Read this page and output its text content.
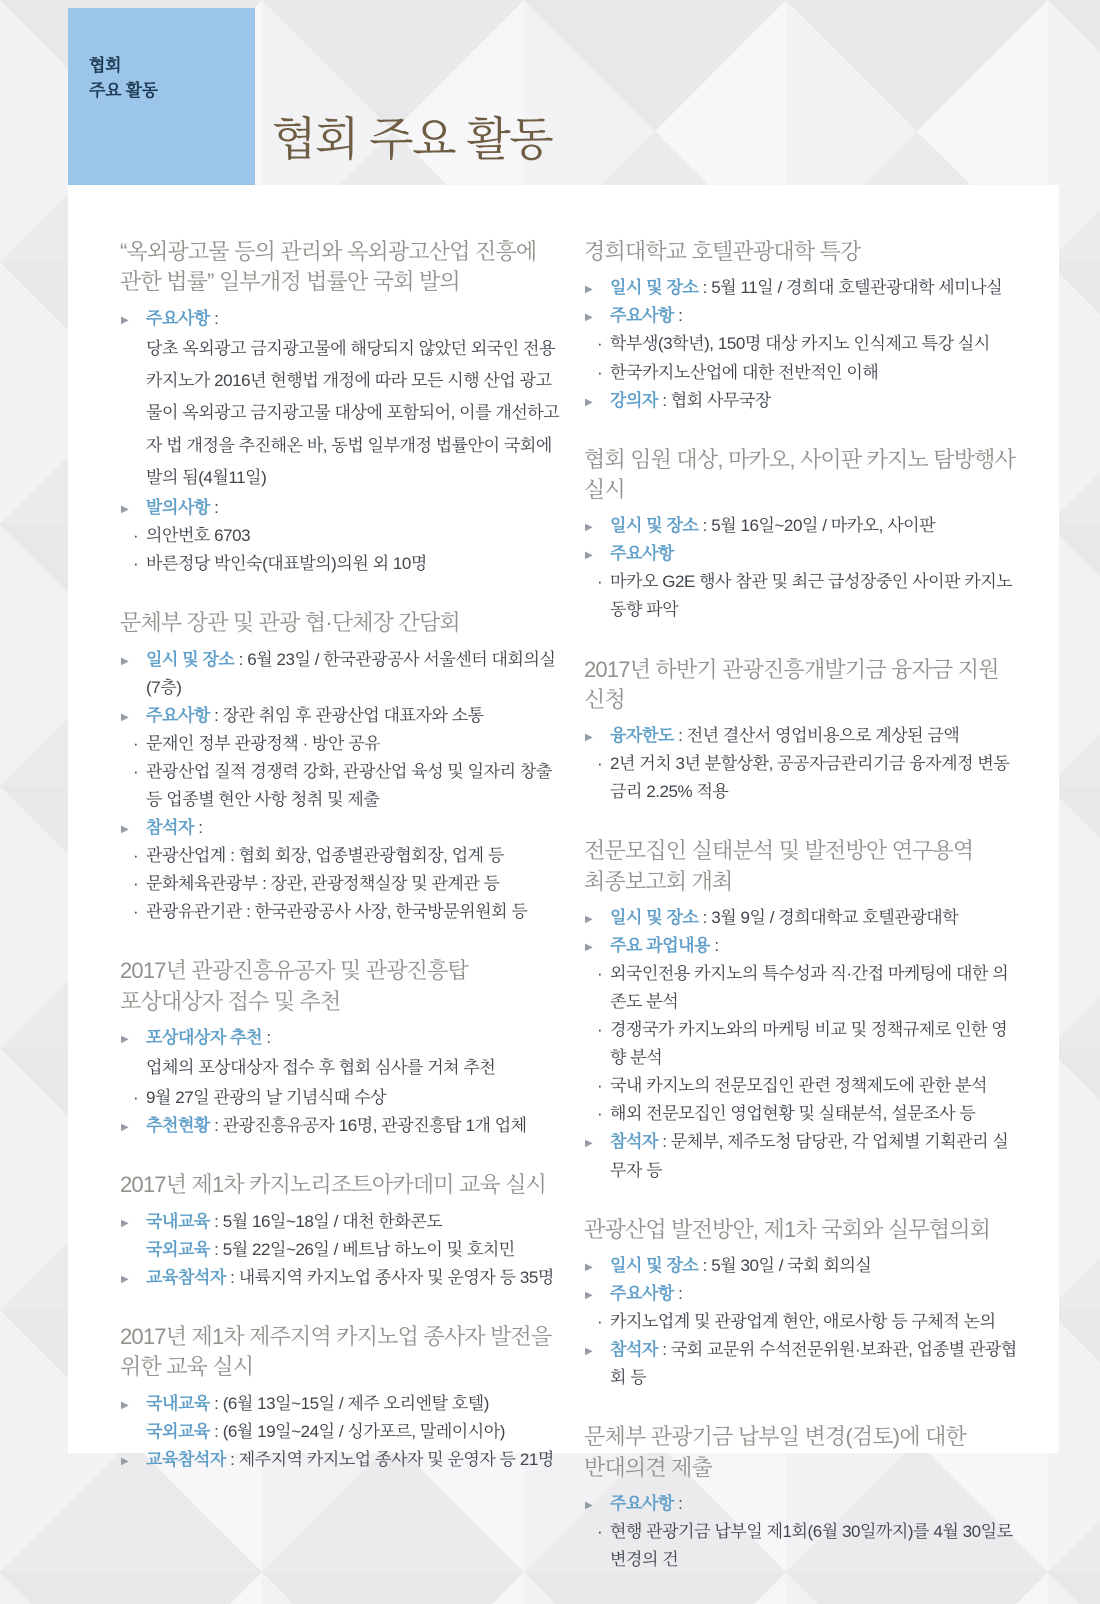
협회
주요 활동
협회 주요 활동
“옥외광고물 등의 관리와 옥외광고산업 진흥에
관한 법률” 일부개정 법률안 국회 발의
▶ 주요사항 :
당초 옥외광고 금지광고물에 해당되지 않았던 외국인 전용 카지노가 2016년 현행법 개정에 따라 모든 시행 산업 광고물이 옥외광고 금지광고물 대상에 포함되어, 이를 개선하고자 법 개정을 추진해온 바, 동법 일부개정 법률안이 국회에 발의 됨(4월11일)
▶ 발의사항 :
· 의안번호 6703
· 바른정당 박인숙(대표발의)의원 외 10명
문체부 장관 및 관광 협·단체장 간담회
▶ 일시 및 장소 : 6월 23일 / 한국관광공사 서울센터 대회의실(7층)
▶ 주요사항 : 장관 취임 후 관광산업 대표자와 소통
· 문재인 정부 관광정책 · 방안 공유
· 관광산업 질적 경쟁력 강화, 관광산업 육성 및 일자리 창출 등 업종별 현안 사항 청취 및 제출
▶ 참석자 :
· 관광산업계 : 협회 회장, 업종별관광협회장, 업계 등
· 문화체육관광부 : 장관, 관광정책실장 및 관계관 등
· 관광유관기관 : 한국관광공사 사장, 한국방문위원회 등
2017년 관광진흥유공자 및 관광진흥탑
포상대상자 접수 및 추천
▶ 포상대상자 추천 :
업체의 포상대상자 접수 후 협회 심사를 거쳐 추천
· 9월 27일 관광의 날 기념식때 수상
▶ 추천현황 : 관광진흥유공자 16명, 관광진흥탑 1개 업체
2017년 제1차 카지노리조트아카데미 교육 실시
▶ 국내교육 : 5월 16일~18일 / 대천 한화콘도
국외교육 : 5월 22일~26일 / 베트남 하노이 및 호치민
▶ 교육참석자 : 내륙지역 카지노업 종사자 및 운영자 등 35명
2017년 제1차 제주지역 카지노업 종사자 발전을
위한 교육 실시
▶ 국내교육 : (6월 13일~15일 / 제주 오리엔탈 호텔)
국외교육 : (6월 19일~24일 / 싱가포르, 말레이시아)
▶ 교육참석자 : 제주지역 카지노업 종사자 및 운영자 등 21명
경희대학교 호텔관광대학 특강
▶ 일시 및 장소 : 5월 11일 / 경희대 호텔관광대학 세미나실
▶ 주요사항 :
· 학부생(3학년), 150명 대상 카지노 인식제고 특강 실시
· 한국카지노산업에 대한 전반적인 이해
▶ 강의자 : 협회 사무국장
협회 임원 대상, 마카오, 사이판 카지노 탐방행사 실시
▶ 일시 및 장소 : 5월 16일~20일 / 마카오, 사이판
▶ 주요사항
· 마카오 G2E 행사 참관 및 최근 급성장중인 사이판 카지노 동향 파악
2017년 하반기 관광진흥개발기금 융자금 지원 신청
▶ 융자한도 : 전년 결산서 영업비용으로 계상된 금액
· 2년 거치 3년 분할상환, 공공자금관리기금 융자계정 변동금리 2.25% 적용
전문모집인 실태분석 및 발전방안 연구용역
최종보고회 개최
▶ 일시 및 장소 : 3월 9일 / 경희대학교 호텔관광대학
▶ 주요 과업내용 :
· 외국인전용 카지노의 특수성과 직·간접 마케팅에 대한 의존도 분석
· 경쟁국가 카지노와의 마케팅 비교 및 정책규제로 인한 영향 분석
· 국내 카지노의 전문모집인 관련 정책제도에 관한 분석
· 해외 전문모집인 영업현황 및 실태분석, 설문조사 등
▶ 참석자 : 문체부, 제주도청 담당관, 각 업체별 기획관리 실무자 등
관광산업 발전방안, 제1차 국회와 실무협의회
▶ 일시 및 장소 : 5월 30일 / 국회 회의실
▶ 주요사항 :
· 카지노업계 및 관광업계 현안, 애로사항 등 구체적 논의
▶ 참석자 : 국회 교문위 수석전문위원·보좌관, 업종별 관광협회 등
문체부 관광기금 납부일 변경(검토)에 대한
반대의견 제출
▶ 주요사항 :
· 현행 관광기금 납부일 제1회(6월 30일까지)를 4월 30일로 변경의 건
